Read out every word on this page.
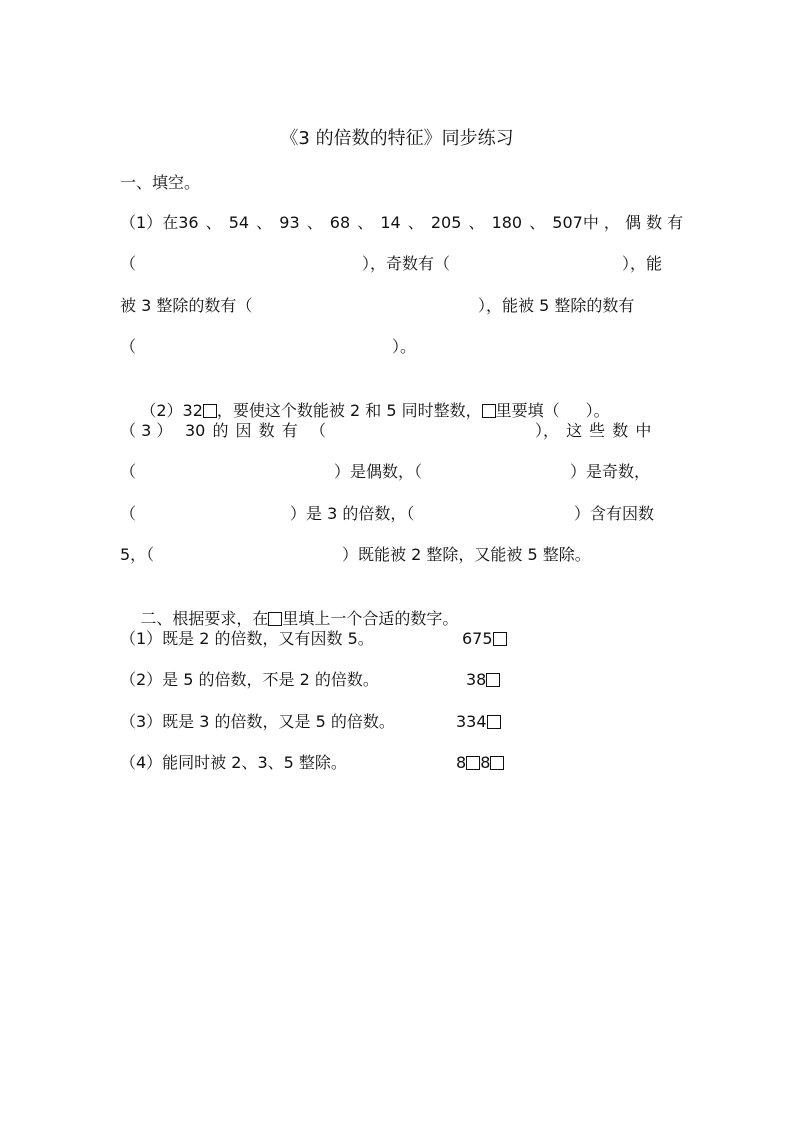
《3 的倍数的特征》同步练习
一、填空。
（1）在 36 、 54 、 93 、 68 、 14 、 205 、 180 、 507 中 ， 偶 数 有
（	），奇数有（	），能
被 3 整除的数有（	），能被 5 整除的数有
（	）。

（2）32 ，要使这个数能被 2 和 5 同时整数， 里要填（ ）。

（ 3 ） 30 的 因 数 有 （	）， 这 些 数 中
（	）是偶数，（	）是奇数，
（	）是 3 的倍数，（	）含有因数
5，（	）既能被 2 整除，又能被 5 整除。

二、根据要求，在 里填上一个合适的数字。

（1）既是 2 的倍数，又有因数 5。	675
（2）是 5 的倍数，不是 2 的倍数。	38
（3）既是 3 的倍数，又是 5 的倍数。	334
（4）能同时被 2、3、5 整除。	8 8
